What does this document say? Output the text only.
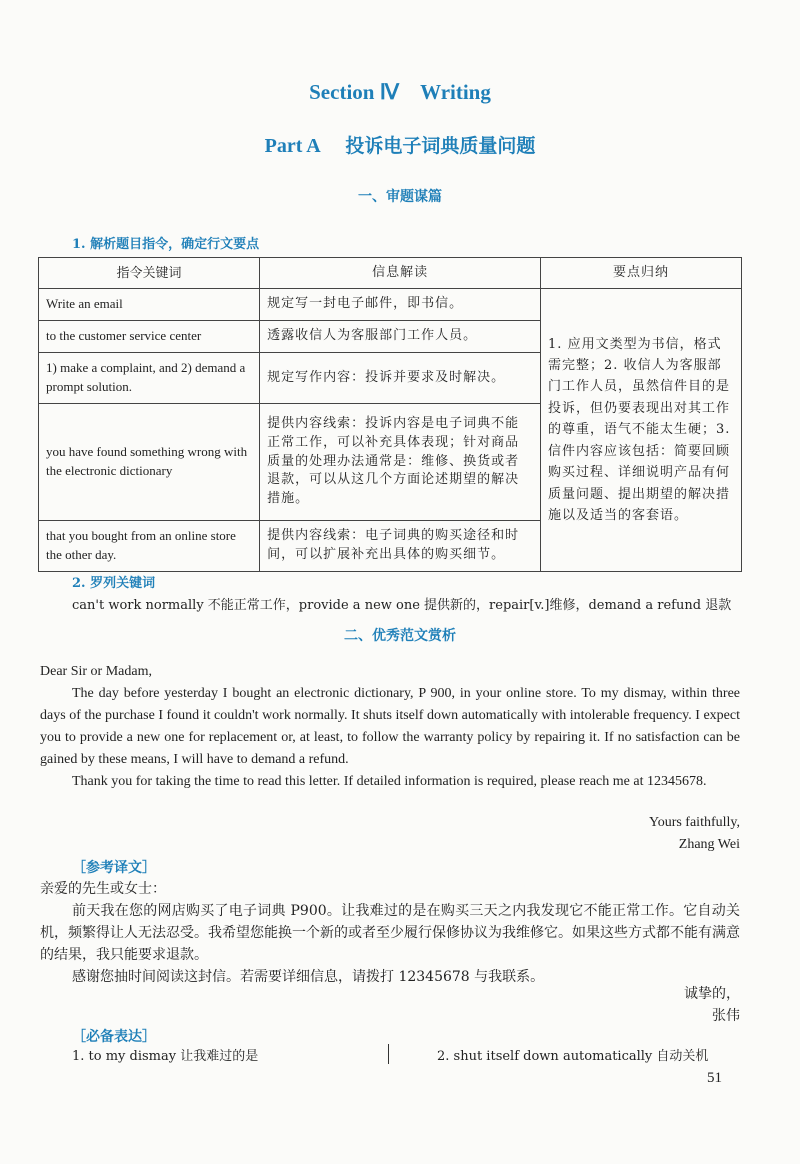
Section Ⅳ　Writing
Part A 投诉电子词典质量问题
一、审题谋篇
1. 解析题目指令，确定行文要点
指令关键词	信息解读	要点归纳
Write an email	规定写一封电子邮件，即书信。	1. 应用文类型为书信，格式需完整；2. 收信人为客服部门工作人员，虽然信件目的是投诉，但仍要表现出对其工作的尊重，语气不能太生硬；3. 信件内容应该包括：简要回顾购买过程、详细说明产品有何质量问题、提出期望的解决措施以及适当的客套语。
to the customer service center	透露收信人为客服部门工作人员。	
1) make a complaint, and 2) demand a prompt solution.	规定写作内容：投诉并要求及时解决。	
you have found something wrong with the electronic dictionary	提供内容线索：投诉内容是电子词典不能正常工作，可以补充具体表现；针对商品质量的处理办法通常是：维修、换货或者退款，可以从这几个方面论述期望的解决措施。	
that you bought from an online store the other day.	提供内容线索：电子词典的购买途径和时间，可以扩展补充出具体的购买细节。	
2. 罗列关键词
can't work normally 不能正常工作，provide a new one 提供新的，repair[v.]维修，demand a refund 退款
二、优秀范文赏析

Dear Sir or Madam,

The day before yesterday I bought an electronic dictionary, P 900, in your online store. To my dismay, within three days of the purchase I found it couldn't work normally. It shuts itself down automatically with intolerable frequency. I expect you to provide a new one for replacement or, at least, to follow the warranty policy by repairing it. If no satisfaction can be gained by these means, I will have to demand a refund.

Thank you for taking the time to read this letter. If detailed information is required, please reach me at 12345678.

Yours faithfully,
Zhang Wei
［参考译文］

亲爱的先生或女士：

前天我在您的网店购买了电子词典 P900。让我难过的是在购买三天之内我发现它不能正常工作。它自动关机，频繁得让人无法忍受。我希望您能换一个新的或者至少履行保修协议为我维修它。如果这些方式都不能有满意的结果，我只能要求退款。

感谢您抽时间阅读这封信。若需要详细信息，请拨打 12345678 与我联系。

诚挚的，
张伟
［必备表达］
1. to my dismay 让我难过的是	2. shut itself down automatically 自动关机
51
